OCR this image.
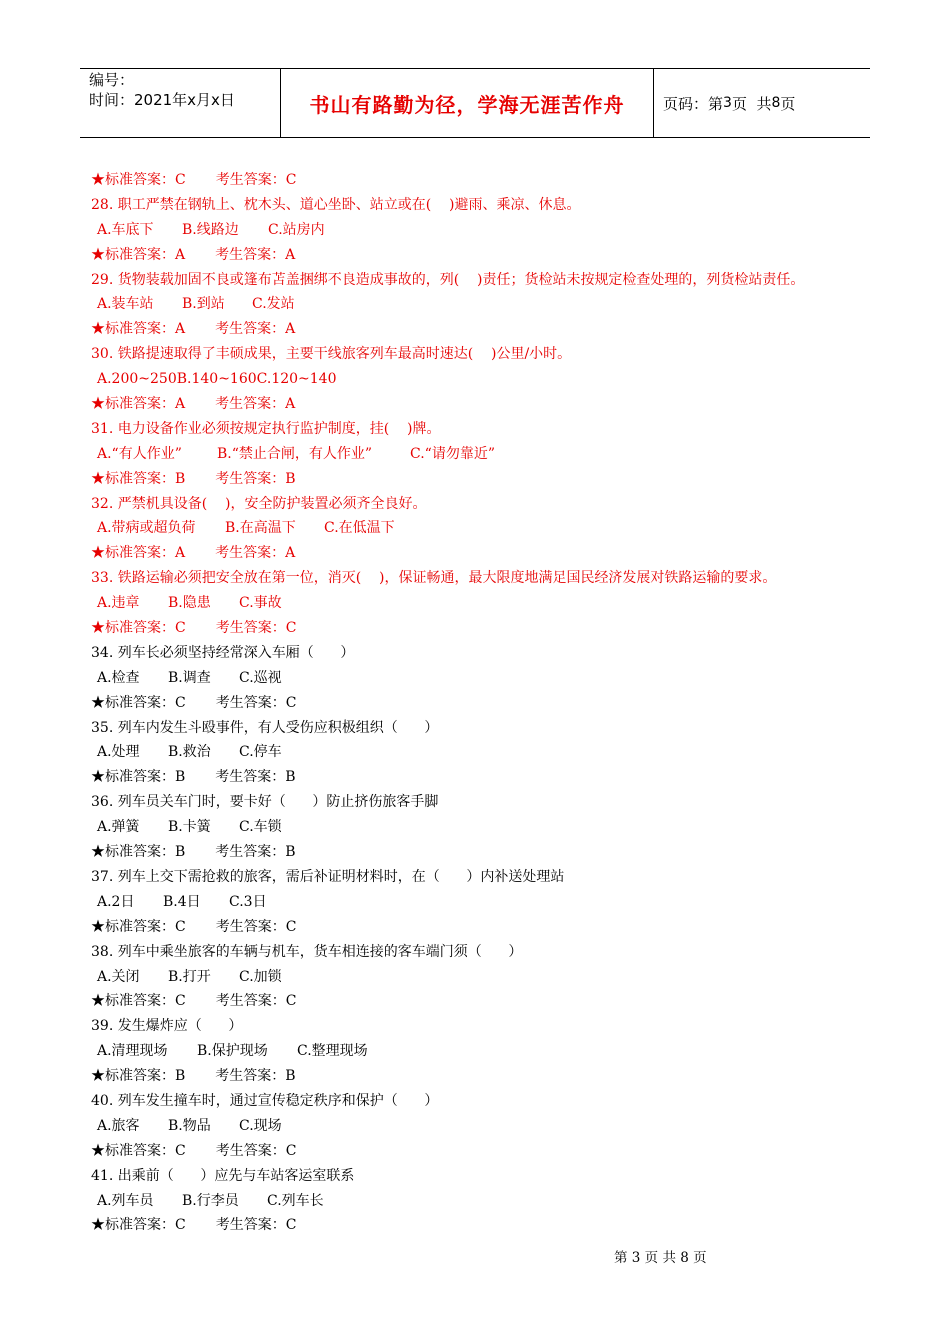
编号：
时间：2021年x月x日	书山有路勤为径，学海无涯苦作舟	页码：第 3 页  共 8 页
★标准答案：C 考生答案：C
28. 职工严禁在钢轨上、枕木头、道心坐卧、站立或在(    )避雨、乘凉、休息。
A.车底下 B.线路边 C.站房内
★标准答案：A 考生答案：A
29. 货物装载加固不良或篷布苫盖捆绑不良造成事故的，列(    )责任；货检站未按规定检查处理的，列货检站责任。
A.装车站 B.到站 C.发站
★标准答案：A 考生答案：A
30. 铁路提速取得了丰硕成果，主要干线旅客列车最高时速达(    )公里/小时。
A.200~250B.140~160C.120~140
★标准答案：A 考生答案：A
31. 电力设备作业必须按规定执行监护制度，挂(    )牌。
A.“有人作业”	B.“禁止合闸，有人作业”	C.“请勿靠近”
★标准答案：B 考生答案：B
32. 严禁机具设备(    )，安全防护装置必须齐全良好。
A.带病或超负荷 B.在高温下 C.在低温下
★标准答案：A 考生答案：A
33. 铁路运输必须把安全放在第一位，消灭(    )，保证畅通，最大限度地满足国民经济发展对铁路运输的要求。
A.违章 B.隐患 C.事故
★标准答案：C 考生答案：C
34. 列车长必须坚持经常深入车厢（      ）
A.检查 B.调查 C.巡视
★标准答案：C 考生答案：C
35. 列车内发生斗殴事件，有人受伤应积极组织（      ）
A.处理 B.救治 C.停车
★标准答案：B 考生答案：B
36. 列车员关车门时，要卡好（      ）防止挤伤旅客手脚
A.弹簧 B.卡簧 C.车锁
★标准答案：B 考生答案：B
37. 列车上交下需抢救的旅客，需后补证明材料时，在（      ）内补送处理站
A.2日 B.4日 C.3日
★标准答案：C 考生答案：C
38. 列车中乘坐旅客的车辆与机车，货车相连接的客车端门须（      ）
A.关闭 B.打开 C.加锁
★标准答案：C 考生答案：C
39. 发生爆炸应（      ）
A.清理现场 B.保护现场 C.整理现场
★标准答案：B 考生答案：B
40. 列车发生撞车时，通过宣传稳定秩序和保护（      ）
A.旅客 B.物品 C.现场
★标准答案：C 考生答案：C
41. 出乘前（      ）应先与车站客运室联系
A.列车员 B.行李员 C.列车长
★标准答案：C 考生答案：C
第 3 页 共 8 页
